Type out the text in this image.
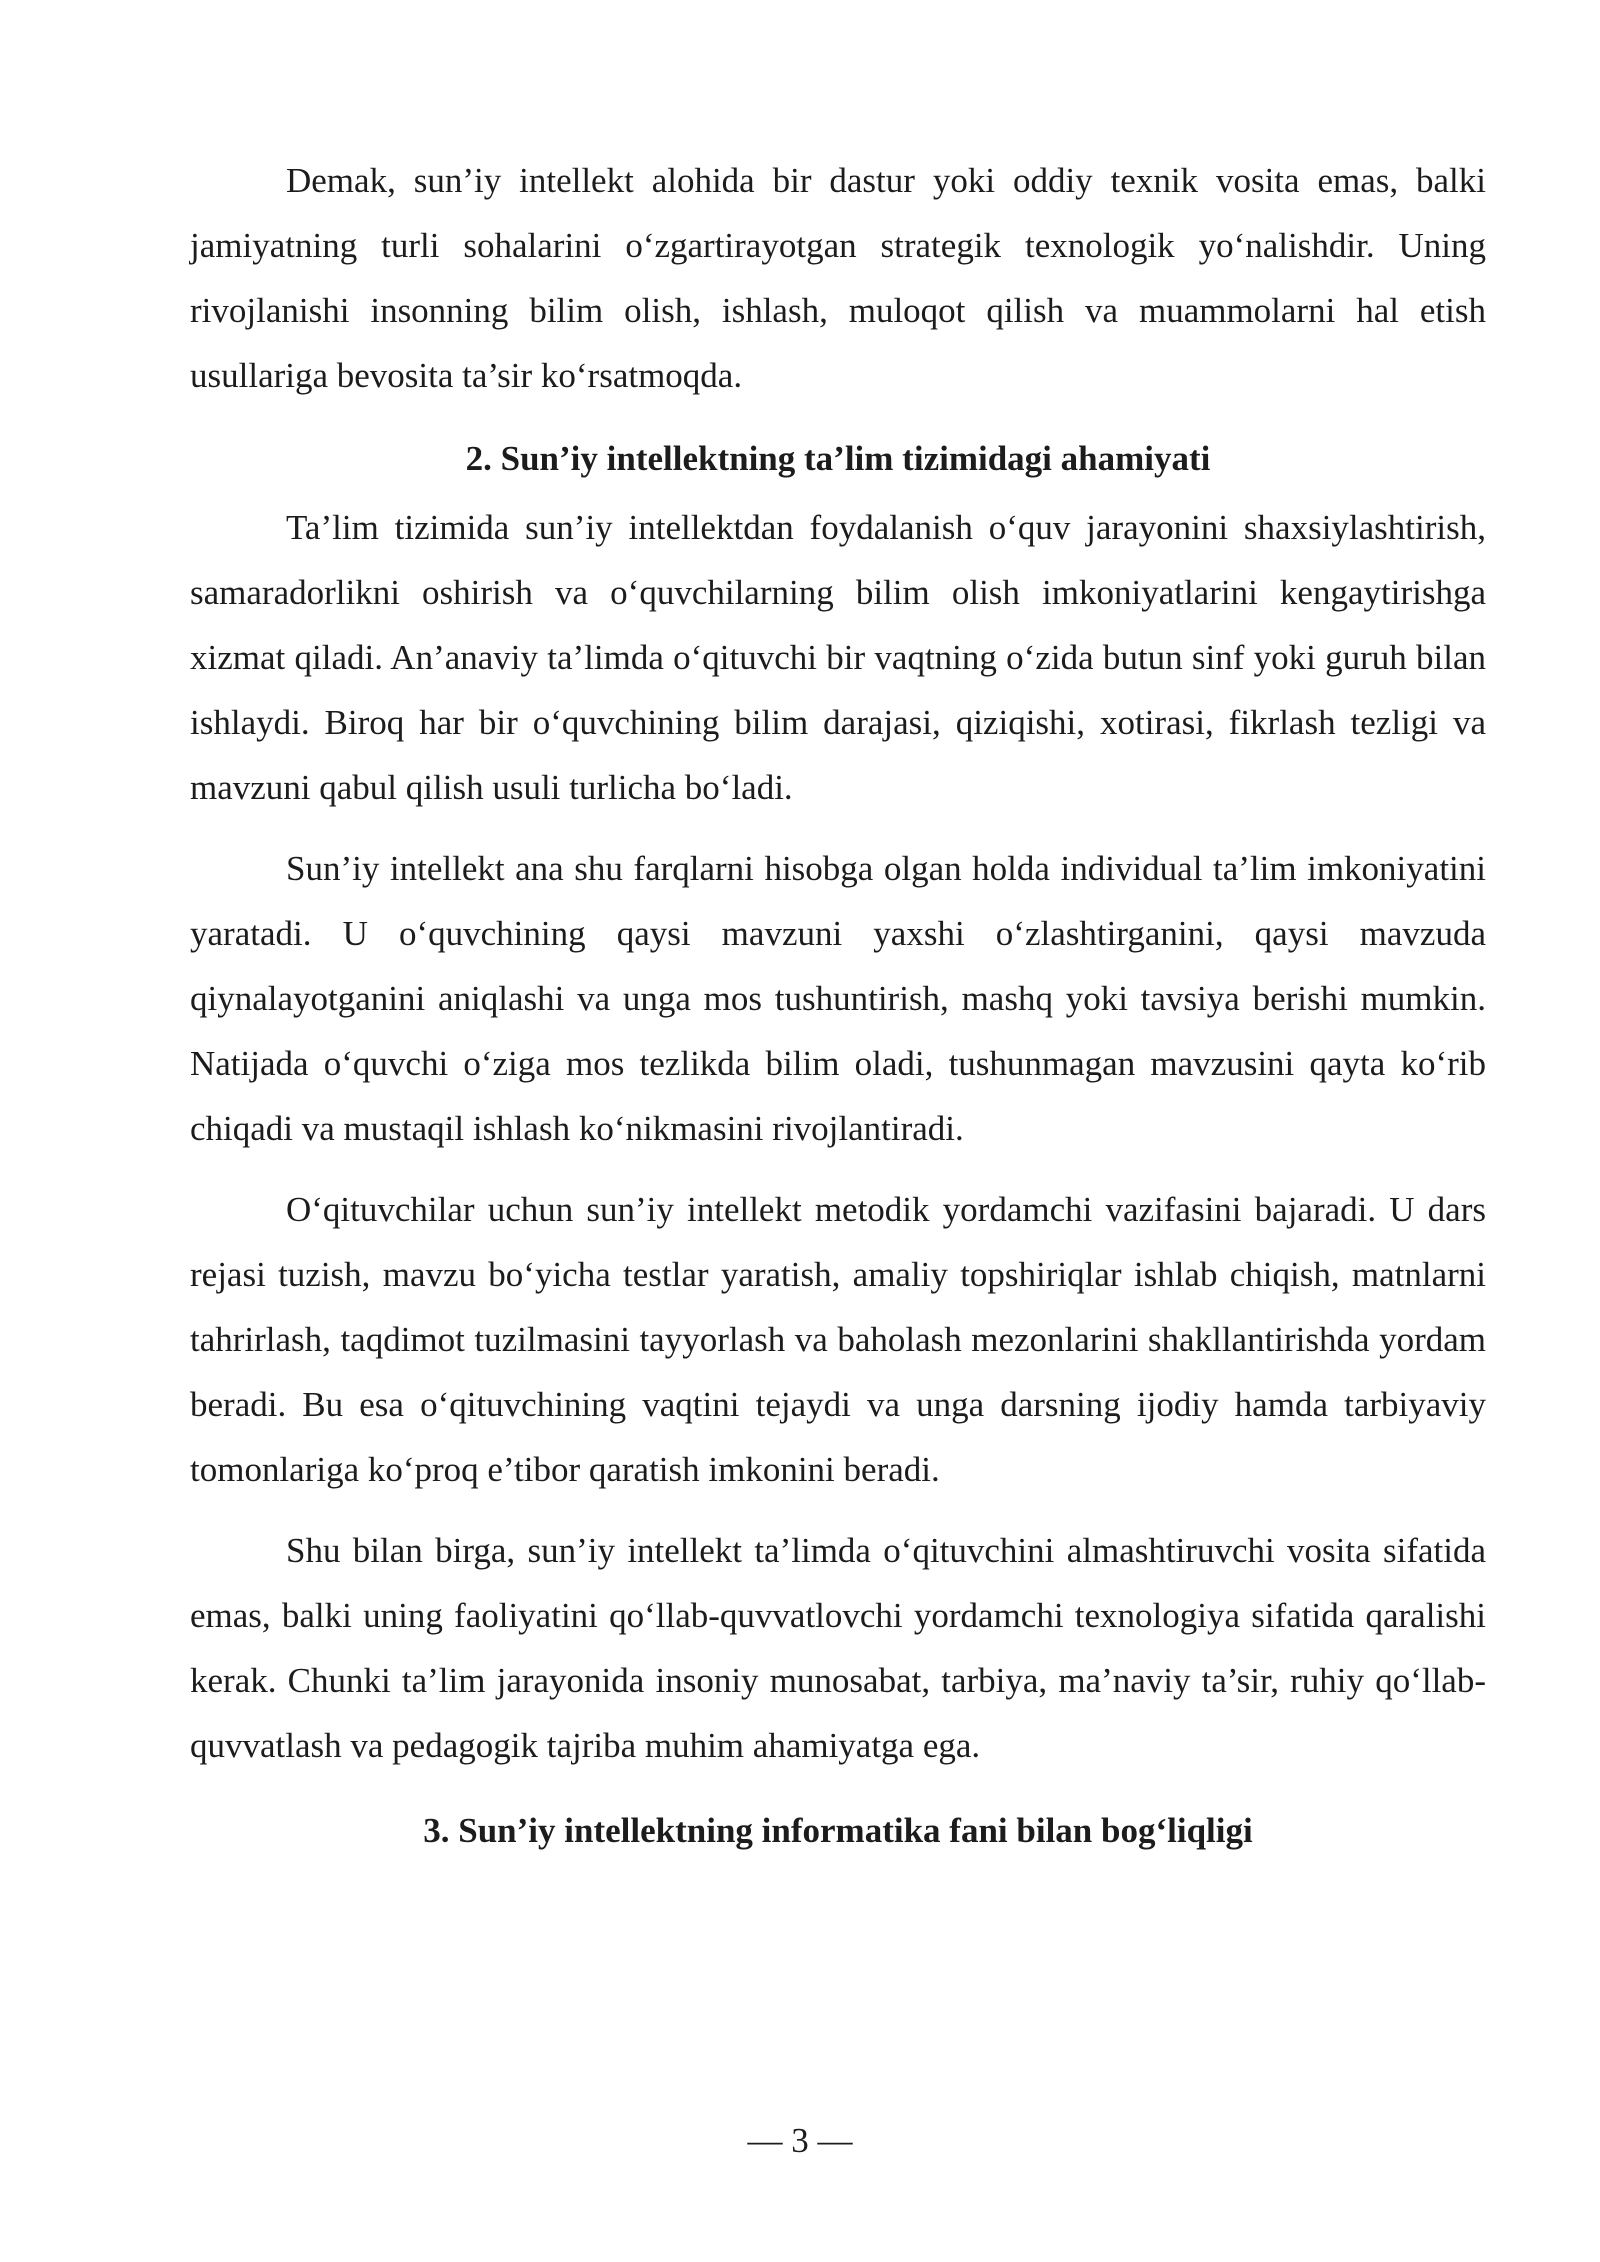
Demak, sun’iy intellekt alohida bir dastur yoki oddiy texnik vosita emas, balki jamiyatning turli sohalarini o‘zgartirayotgan strategik texnologik yo‘nalishdir. Uning rivojlanishi insonning bilim olish, ishlash, muloqot qilish va muammolarni hal etish usullariga bevosita ta’sir ko‘rsatmoqda.

2. Sun’iy intellektning ta’lim tizimidagi ahamiyati

Ta’lim tizimida sun’iy intellektdan foydalanish o‘quv jarayonini shaxsiylashtirish, samaradorlikni oshirish va o‘quvchilarning bilim olish imkoniyatlarini kengaytirishga xizmat qiladi. An’anaviy ta’limda o‘qituvchi bir vaqtning o‘zida butun sinf yoki guruh bilan ishlaydi. Biroq har bir o‘quvchining bilim darajasi, qiziqishi, xotirasi, fikrlash tezligi va mavzuni qabul qilish usuli turlicha bo‘ladi.

Sun’iy intellekt ana shu farqlarni hisobga olgan holda individual ta’lim imkoniyatini yaratadi. U o‘quvchining qaysi mavzuni yaxshi o‘zlashtirganini, qaysi mavzuda qiynalayotganini aniqlashi va unga mos tushuntirish, mashq yoki tavsiya berishi mumkin. Natijada o‘quvchi o‘ziga mos tezlikda bilim oladi, tushunmagan mavzusini qayta ko‘rib chiqadi va mustaqil ishlash ko‘nikmasini rivojlantiradi.

O‘qituvchilar uchun sun’iy intellekt metodik yordamchi vazifasini bajaradi. U dars rejasi tuzish, mavzu bo‘yicha testlar yaratish, amaliy topshiriqlar ishlab chiqish, matnlarni tahrirlash, taqdimot tuzilmasini tayyorlash va baholash mezonlarini shakllantirishda yordam beradi. Bu esa o‘qituvchining vaqtini tejaydi va unga darsning ijodiy hamda tarbiyaviy tomonlariga ko‘proq e’tibor qaratish imkonini beradi.

Shu bilan birga, sun’iy intellekt ta’limda o‘qituvchini almashtiruvchi vosita sifatida emas, balki uning faoliyatini qo‘llab-quvvatlovchi yordamchi texnologiya sifatida qaralishi kerak. Chunki ta’lim jarayonida insoniy munosabat, tarbiya, ma’naviy ta’sir, ruhiy qo‘llab-quvvatlash va pedagogik tajriba muhim ahamiyatga ega.

3. Sun’iy intellektning informatika fani bilan bog‘liqligi
— 3 —
